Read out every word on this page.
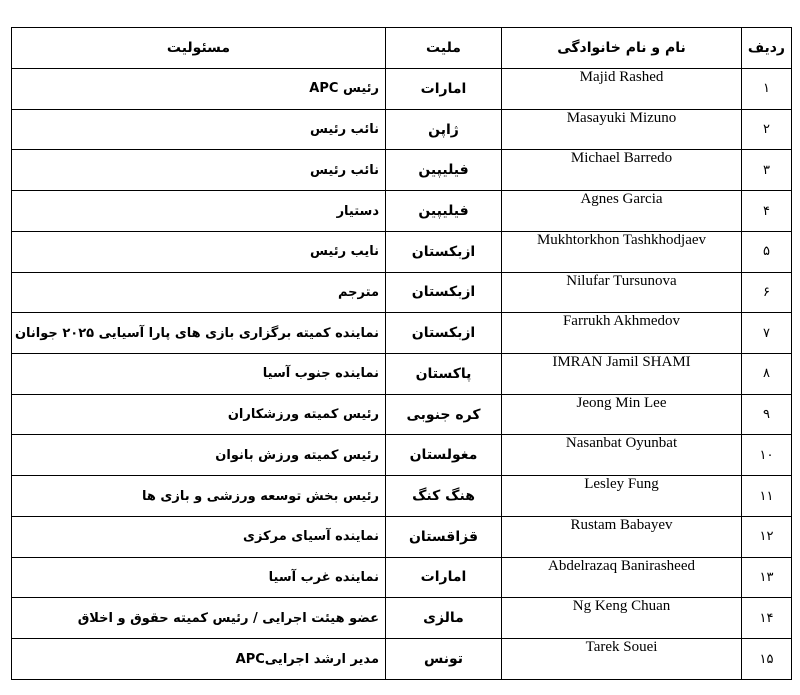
ردیف	نام و نام خانوادگی	ملیت	مسئولیت
۱	Majid Rashed	امارات	رئیس APC
۲	Masayuki Mizuno	ژاپن	نائب رئیس
۳	Michael Barredo	فیلیپین	نائب رئیس
۴	Agnes Garcia	فیلیپین	دستیار
۵	Mukhtorkhon Tashkhodjaev	ازبکستان	نایب رئیس
۶	Nilufar Tursunova	ازبکستان	مترجم
۷	Farrukh Akhmedov	ازبکستان	نماینده کمیته برگزاری بازی های پارا آسیایی ۲۰۲۵ جوانان
۸	IMRAN Jamil SHAMI	پاکستان	نماینده جنوب آسیا
۹	Jeong Min Lee	کره جنوبی	رئیس کمیته ورزشکاران
۱۰	Nasanbat Oyunbat	مغولستان	رئیس کمیته ورزش بانوان
۱۱	Lesley Fung	هنگ کنگ	رئیس بخش توسعه ورزشی و بازی ها
۱۲	Rustam Babayev	قزاقستان	نماینده آسیای مرکزی
۱۳	Abdelrazaq Banirasheed	امارات	نماینده غرب آسیا
۱۴	Ng Keng Chuan	مالزی	عضو هیئت اجرایی / رئیس کمیته حقوق و اخلاق
۱۵	Tarek Souei	تونس	مدیر ارشد اجراییAPC
